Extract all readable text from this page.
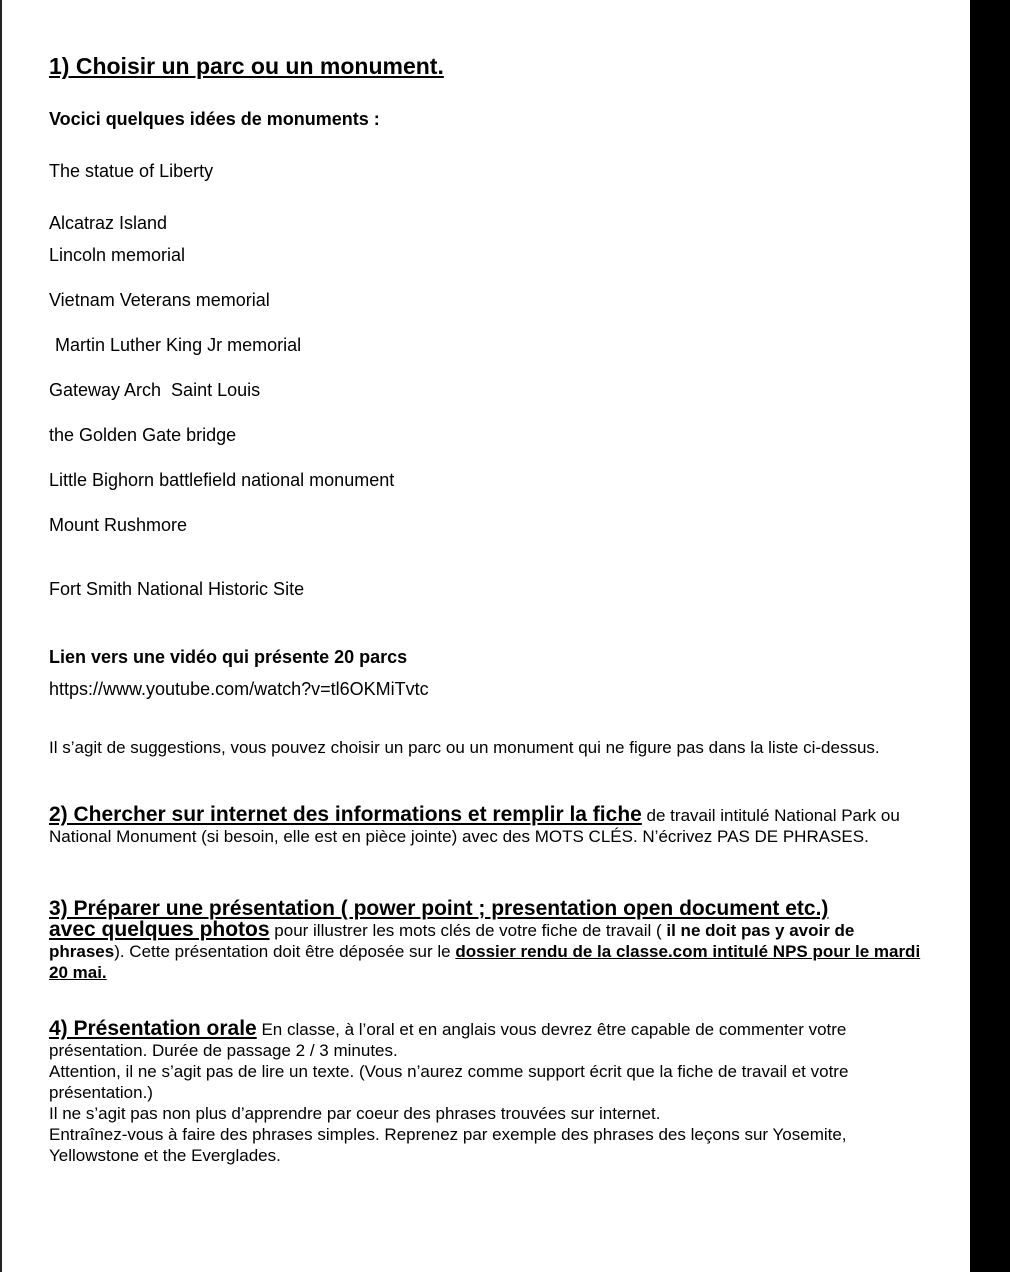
1) Choisir un parc ou un monument.
Vocici quelques idées de monuments :
The statue of Liberty
Alcatraz Island
Lincoln memorial
Vietnam Veterans memorial
Martin Luther King Jr memorial
Gateway Arch  Saint Louis
the Golden Gate bridge
Little Bighorn battlefield national monument
Mount Rushmore
Fort Smith National Historic Site
Lien vers une vidéo qui présente 20 parcs
https://www.youtube.com/watch?v=tl6OKMiTvtc
Il s’agit de suggestions, vous pouvez choisir un parc ou un monument qui ne figure pas dans la liste ci-dessus.
2) Chercher sur internet des informations et remplir la fiche de travail intitulé National Park ou National Monument (si besoin, elle est en pièce jointe) avec des MOTS CLÉS. N’écrivez PAS DE PHRASES.
3) Préparer une présentation ( power point ; presentation open document etc.)
avec quelques photos pour illustrer les mots clés de votre fiche de travail ( il ne doit pas y avoir de phrases). Cette présentation doit être déposée sur le dossier rendu de la classe.com intitulé NPS pour le mardi 20 mai.
4) Présentation orale En classe, à l’oral et en anglais vous devrez être capable de commenter votre présentation. Durée de passage 2 / 3 minutes.
Attention, il ne s’agit pas de lire un texte. (Vous n’aurez comme support écrit que la fiche de travail et votre présentation.)
Il ne s’agit pas non plus d’apprendre par coeur des phrases trouvées sur internet.
Entraînez-vous à faire des phrases simples. Reprenez par exemple des phrases des leçons sur Yosemite, Yellowstone et the Everglades.
